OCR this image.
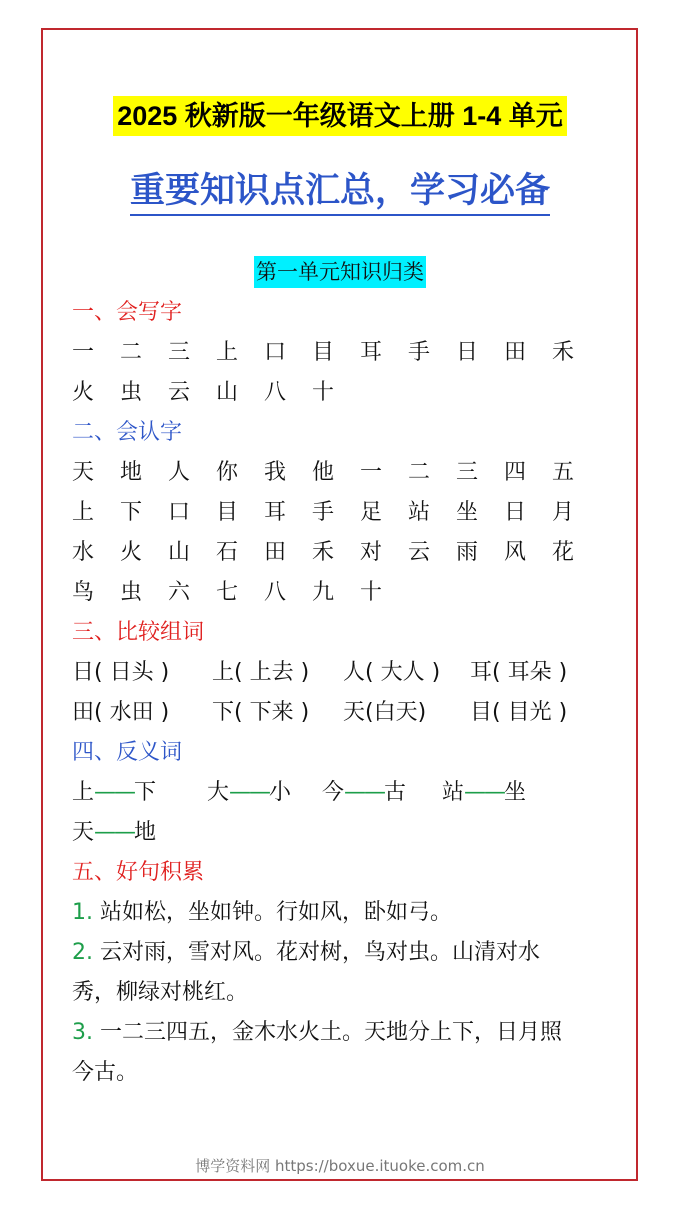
2025 秋新版一年级语文上册 1-4 单元
重要知识点汇总，学习必备
第一单元知识归类
一、会写字
一 二 三 上 口 目 耳 手 日 田 禾
火 虫 云 山 八 十
二、会认字
天 地 人 你 我 他 一 二 三 四 五
上 下 口 目 耳 手 足 站 坐 日 月
水 火 山 石 田 禾 对 云 雨 风 花
鸟 虫 六 七 八 九 十
三、比较组词
日( 日头 ) 上( 上去 ) 人( 大人 ) 耳( 耳朵 )
田( 水田 ) 下( 下来 ) 天(白天) 目( 目光 )
四、反义词
上——下 大——小 今——古 站——坐
天——地
五、好句积累
1. 站如松，坐如钟。行如风，卧如弓。
2. 云对雨，雪对风。花对树，鸟对虫。山清对水
秀，柳绿对桃红。
3. 一二三四五，金木水火土。天地分上下，日月照
今古。
博学资料网 https://boxue.ituoke.com.cn
